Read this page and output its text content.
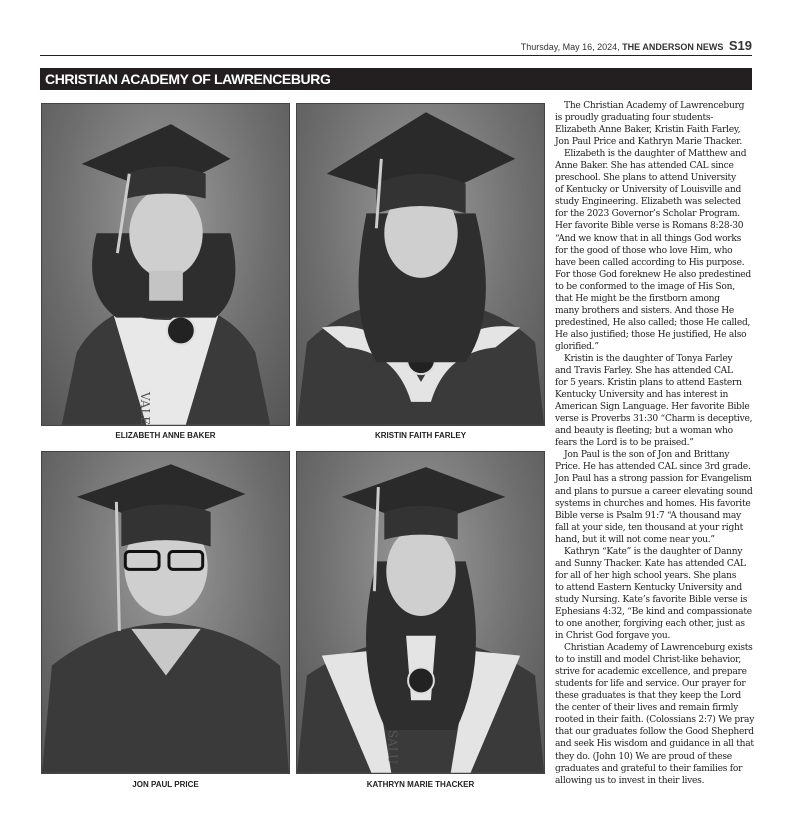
Thursday, May 16, 2024, THE ANDERSON NEWS S19
CHRISTIAN ACADEMY OF LAWRENCEBURG
VALE
ELIZABETH ANNE BAKER	KRISTIN FAITH FARLEY
JON PAUL PRICE
SALU
KATHRYN MARIE THACKER
The Christian Academy of Lawrenceburg
is proudly graduating four students-
Elizabeth Anne Baker, Kristin Faith Farley,
Jon Paul Price and Kathryn Marie Thacker.
Elizabeth is the daughter of Matthew and
Anne Baker. She has attended CAL since
preschool. She plans to attend University
of Kentucky or University of Louisville and
study Engineering. Elizabeth was selected
for the 2023 Governor’s Scholar Program.
Her favorite Bible verse is Romans 8:28-30
“And we know that in all things God works
for the good of those who love Him, who
have been called according to His purpose.
For those God foreknew He also predestined
to be conformed to the image of His Son,
that He might be the firstborn among
many brothers and sisters. And those He
predestined, He also called; those He called,
He also justified; those He justified, He also
glorified.”
Kristin is the daughter of Tonya Farley
and Travis Farley. She has attended CAL
for 5 years. Kristin plans to attend Eastern
Kentucky University and has interest in
American Sign Language. Her favorite Bible
verse is Proverbs 31:30 “Charm is deceptive,
and beauty is fleeting; but a woman who
fears the Lord is to be praised.”
Jon Paul is the son of Jon and Brittany
Price. He has attended CAL since 3rd grade.
Jon Paul has a strong passion for Evangelism
and plans to pursue a career elevating sound
systems in churches and homes. His favorite
Bible verse is Psalm 91:7 “A thousand may
fall at your side, ten thousand at your right
hand, but it will not come near you.”
Kathryn “Kate” is the daughter of Danny
and Sunny Thacker. Kate has attended CAL
for all of her high school years. She plans
to attend Eastern Kentucky University and
study Nursing. Kate’s favorite Bible verse is
Ephesians 4:32, “Be kind and compassionate
to one another, forgiving each other, just as
in Christ God forgave you.
Christian Academy of Lawrenceburg exists
to to instill and model Christ-like behavior,
strive for academic excellence, and prepare
students for life and service. Our prayer for
these graduates is that they keep the Lord
the center of their lives and remain firmly
rooted in their faith. (Colossians 2:7) We pray
that our graduates follow the Good Shepherd
and seek His wisdom and guidance in all that
they do. (John 10) We are proud of these
graduates and grateful to their families for
allowing us to invest in their lives.
